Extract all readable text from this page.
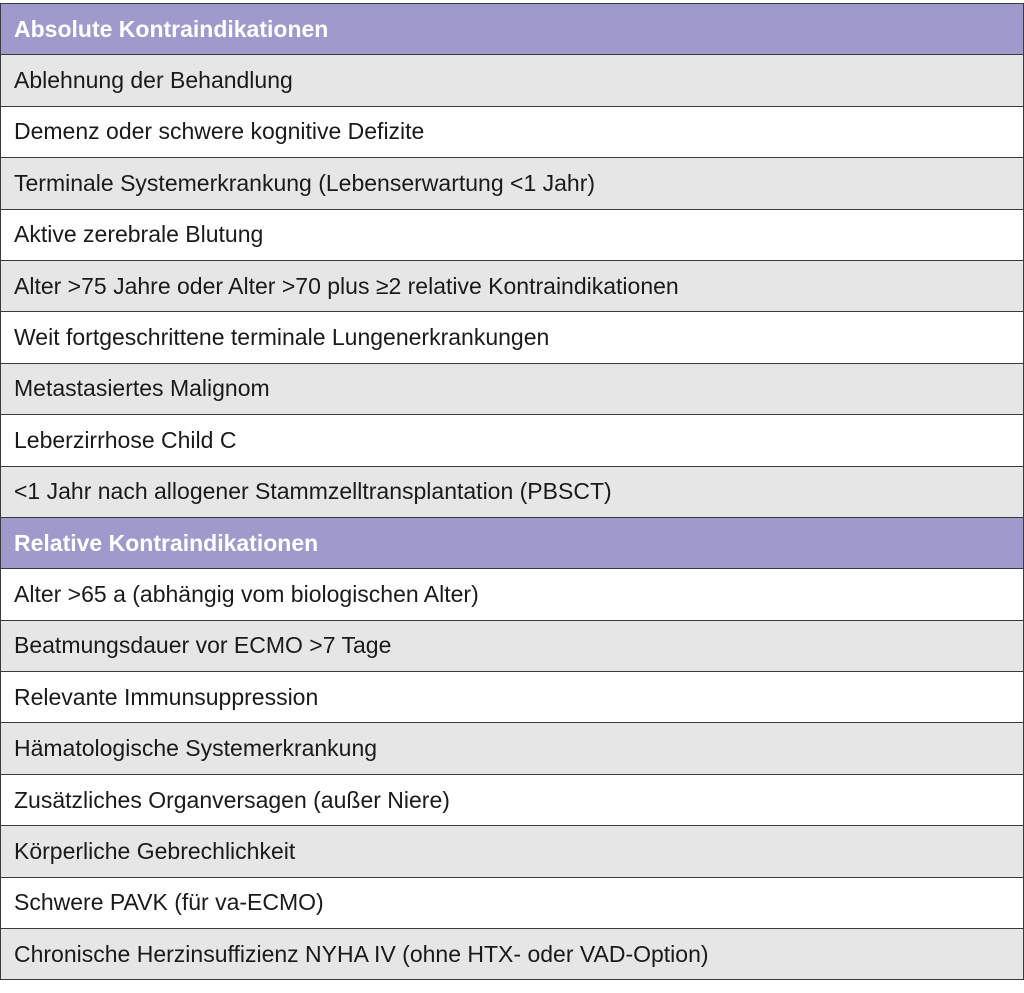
Absolute Kontraindikationen
Ablehnung der Behandlung
Demenz oder schwere kognitive Defizite
Terminale Systemerkrankung (Lebenserwartung <1 Jahr)
Aktive zerebrale Blutung
Alter >75 Jahre oder Alter >70 plus ≥2 relative Kontraindikationen
Weit fortgeschrittene terminale Lungenerkrankungen
Metastasiertes Malignom
Leberzirrhose Child C
<1 Jahr nach allogener Stammzelltransplantation (PBSCT)
Relative Kontraindikationen
Alter >65 a (abhängig vom biologischen Alter)
Beatmungsdauer vor ECMO >7 Tage
Relevante Immunsuppression
Hämatologische Systemerkrankung
Zusätzliches Organversagen (außer Niere)
Körperliche Gebrechlichkeit
Schwere PAVK (für va-ECMO)
Chronische Herzinsuffizienz NYHA IV (ohne HTX- oder VAD-Option)
